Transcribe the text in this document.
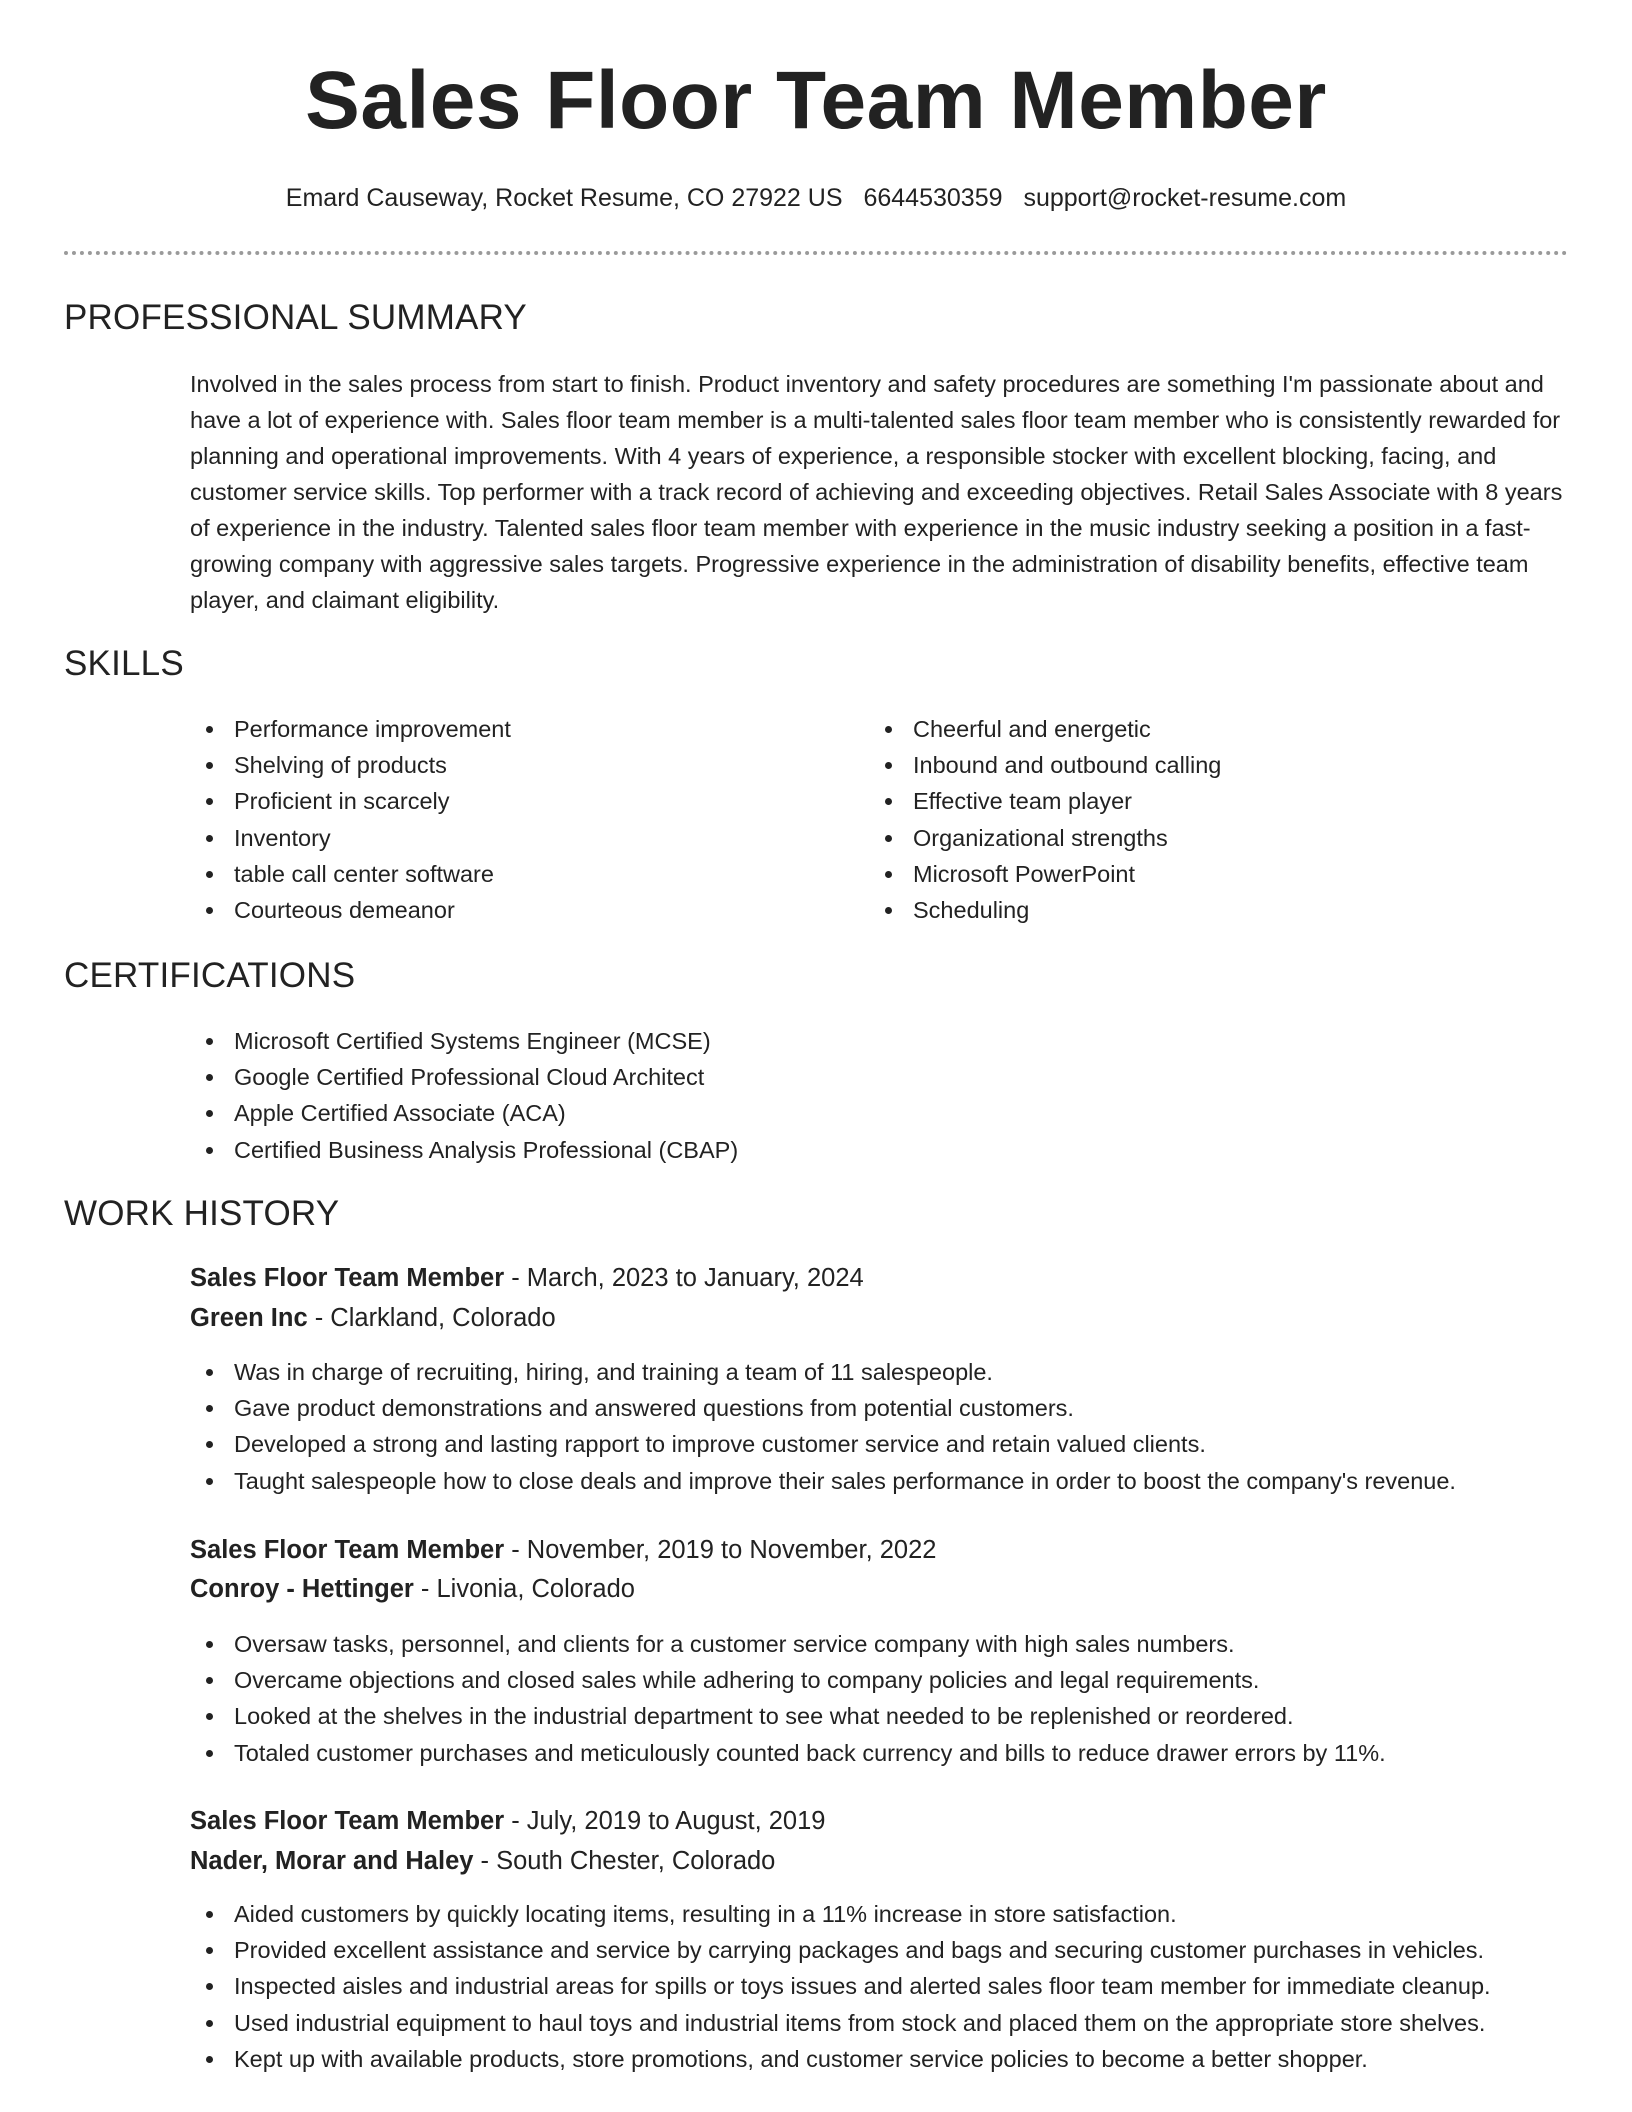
Sales Floor Team Member
Emard Causeway, Rocket Resume, CO 27922 US 6644530359 support@rocket-resume.com
PROFESSIONAL SUMMARY

Involved in the sales process from start to finish. Product inventory and safety procedures are something I'm passionate about and have a lot of experience with. Sales floor team member is a multi-talented sales floor team member who is consistently rewarded for planning and operational improvements. With 4 years of experience, a responsible stocker with excellent blocking, facing, and customer service skills. Top performer with a track record of achieving and exceeding objectives. Retail Sales Associate with 8 years of experience in the industry. Talented sales floor team member with experience in the music industry seeking a position in a fast-growing company with aggressive sales targets. Progressive experience in the administration of disability benefits, effective team player, and claimant eligibility.

SKILLS
Performance improvement
Shelving of products
Proficient in scarcely
Inventory
table call center software
Courteous demeanor
Cheerful and energetic
Inbound and outbound calling
Effective team player
Organizational strengths
Microsoft PowerPoint
Scheduling
CERTIFICATIONS
Microsoft Certified Systems Engineer (MCSE)
Google Certified Professional Cloud Architect
Apple Certified Associate (ACA)
Certified Business Analysis Professional (CBAP)
WORK HISTORY
Sales Floor Team Member - March, 2023 to January, 2024
Green Inc - Clarkland, Colorado
Was in charge of recruiting, hiring, and training a team of 11 salespeople.
Gave product demonstrations and answered questions from potential customers.
Developed a strong and lasting rapport to improve customer service and retain valued clients.
Taught salespeople how to close deals and improve their sales performance in order to boost the company's revenue.
Sales Floor Team Member - November, 2019 to November, 2022
Conroy - Hettinger - Livonia, Colorado
Oversaw tasks, personnel, and clients for a customer service company with high sales numbers.
Overcame objections and closed sales while adhering to company policies and legal requirements.
Looked at the shelves in the industrial department to see what needed to be replenished or reordered.
Totaled customer purchases and meticulously counted back currency and bills to reduce drawer errors by 11%.
Sales Floor Team Member - July, 2019 to August, 2019
Nader, Morar and Haley - South Chester, Colorado
Aided customers by quickly locating items, resulting in a 11% increase in store satisfaction.
Provided excellent assistance and service by carrying packages and bags and securing customer purchases in vehicles.
Inspected aisles and industrial areas for spills or toys issues and alerted sales floor team member for immediate cleanup.
Used industrial equipment to haul toys and industrial items from stock and placed them on the appropriate store shelves.
Kept up with available products, store promotions, and customer service policies to become a better shopper.
